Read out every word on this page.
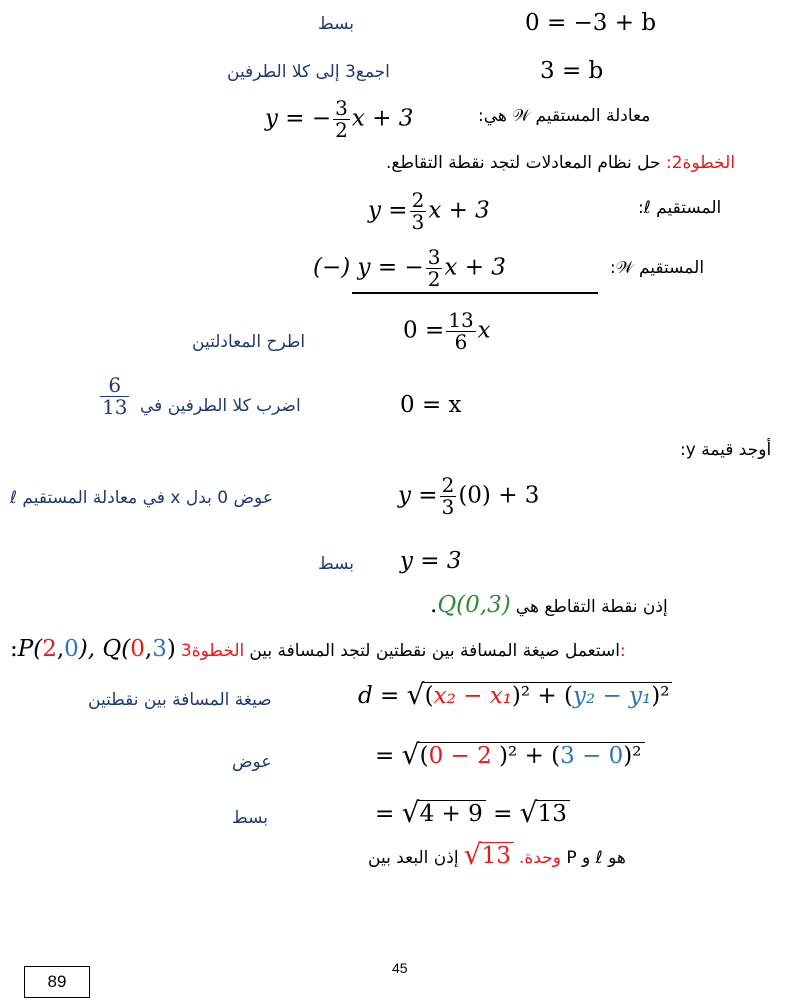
بسط	0 = −3 + b
اجمع3 إلى كلا الطرفين	3 = b
y = − $\frac{3}{2}$ x + 3	معادلة المستقيم 𝒲 هي:
الخطوة2: حل نظام المعادلات لتجد نقطة التقاطع.
$y = \frac{2}{3}$ x + 3	المستقيم ℓ:
(−) y = − $\frac{3}{2}$ x + 3	المستقيم 𝒲:
اطرح المعادلتين	$0 = \frac{13}{6}$ x
$\frac{6}{13}$ اضرب كلا الطرفين في	0 = x
أوجد قيمة y:
عوض 0 بدل x في معادلة المستقيم ℓ	$y = \frac{2}{3} (0) + 3$
بسط y = 3
.Q(0,3) إذن نقطة التقاطع هي
:P(2,0), Q(0,3)	استعمل صيغة المسافة بين نقطتين لتجد المسافة بين الخطوة3:
صيغة المسافة بين نقطتين	d = √ (x₂ − x₁)² + (y₂ − y₁)²
عوض	= √ (0 − 2 )² + (3 − 0)²
بسط	= √ 4 + 9 = √ 13
وحدة.
√ 13 إذن البعد بين P و ℓ هو
45
89
